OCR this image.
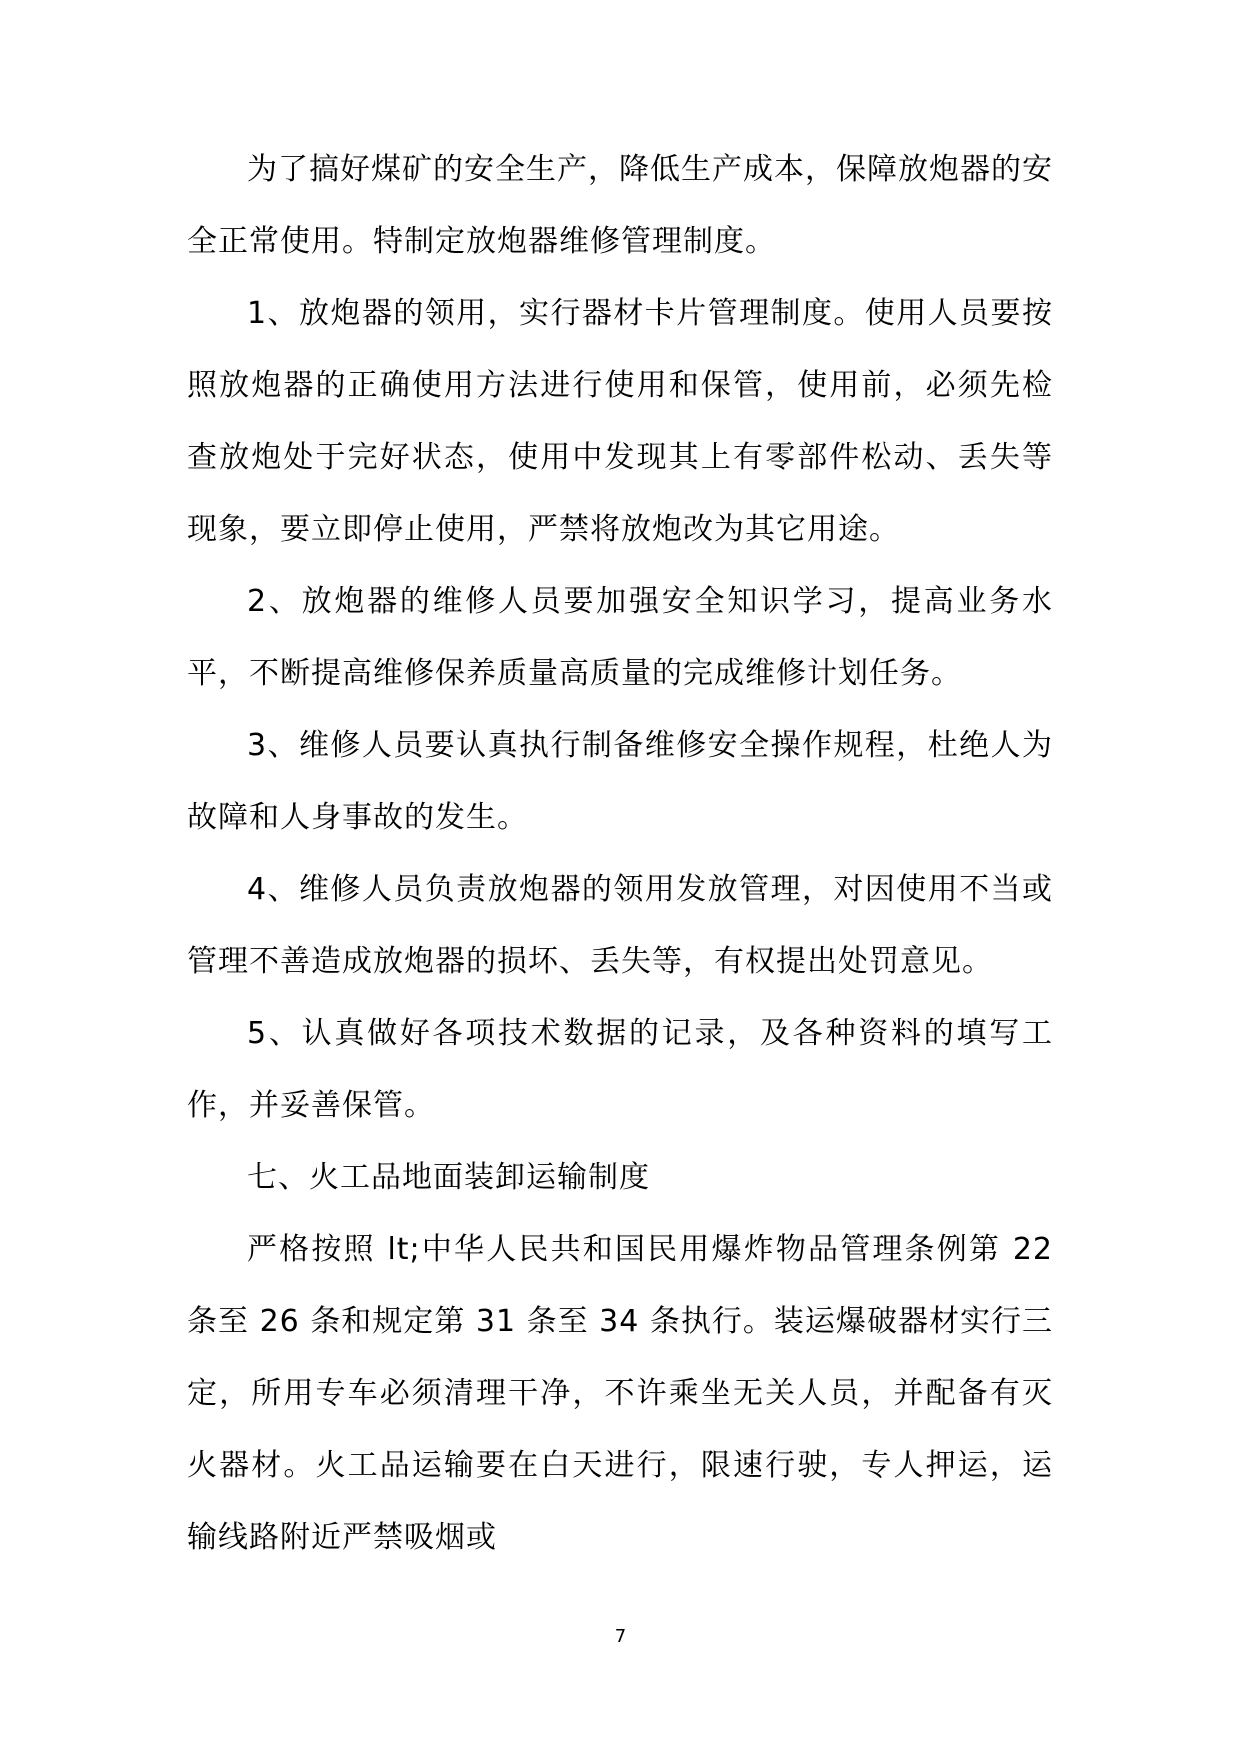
为了搞好煤矿的安全生产，降低生产成本，保障放炮器的安全正常使用。特制定放炮器维修管理制度。

1、放炮器的领用，实行器材卡片管理制度。使用人员要按照放炮器的正确使用方法进行使用和保管，使用前，必须先检查放炮处于完好状态，使用中发现其上有零部件松动、丢失等现象，要立即停止使用，严禁将放炮改为其它用途。

2、放炮器的维修人员要加强安全知识学习，提高业务水平，不断提高维修保养质量高质量的完成维修计划任务。

3、维修人员要认真执行制备维修安全操作规程，杜绝人为故障和人身事故的发生。

4、维修人员负责放炮器的领用发放管理，对因使用不当或管理不善造成放炮器的损坏、丢失等，有权提出处罚意见。

5、认真做好各项技术数据的记录，及各种资料的填写工作，并妥善保管。

七、火工品地面装卸运输制度

严格按照 lt;中华人民共和国民用爆炸物品管理条例第 22 条至 26 条和规定第 31 条至 34 条执行。装运爆破器材实行三定，所用专车必须清理干净，不许乘坐无关人员，并配备有灭火器材。火工品运输要在白天进行，限速行驶，专人押运，运输线路附近严禁吸烟或

7
